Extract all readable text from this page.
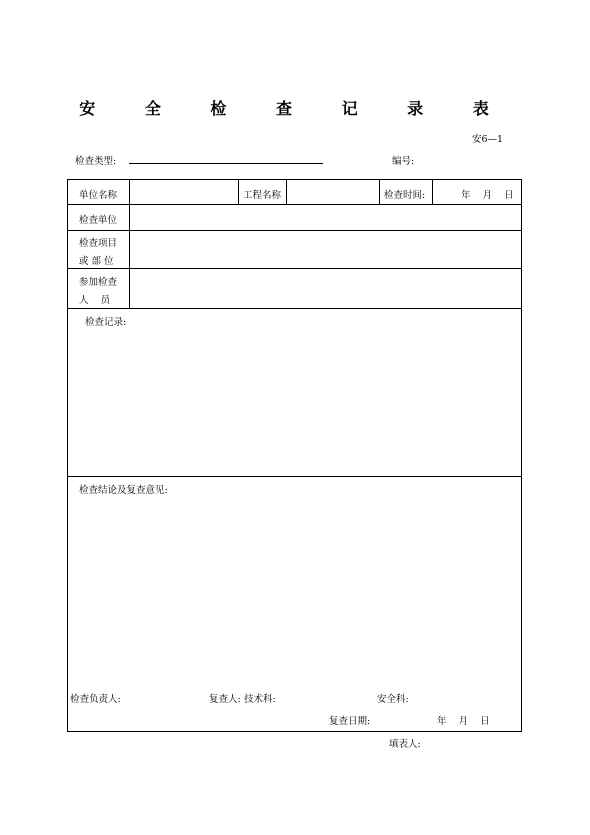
安 全 检 查 记 录 表
安6—1
检查类型:	编号:
单位名称	工程名称	检查时间:	年    月    日
检查单位
检查项目
或 部 位
参加检查
人    员
检查记录:
检查结论及复查意见:
检查负责人:	复查人: 技术科:	安全科:
复查日期:	年    月    日
填表人:
